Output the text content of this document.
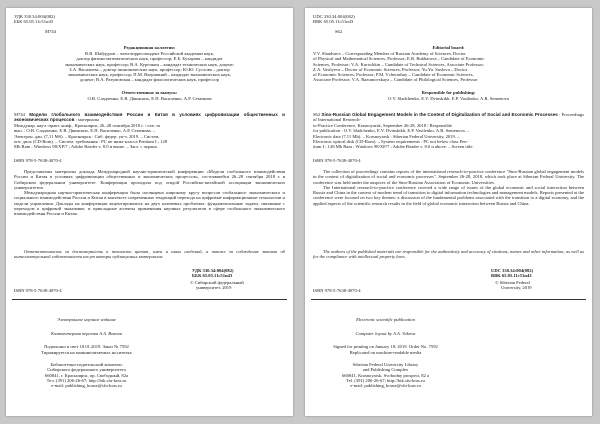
УДК 330.34:004(082)
ББК 65.05.11с51и43
М744
Редакционная коллегия:
В.В. Шайдуров – член-корреспондент Российской академии наук,
доктор физико-математических наук, профессор; Е.Б. Бухарова – кандидат
экономических наук, профессор; В.А. Курочкин – кандидат технических наук, доцент;
З.А. Васильева – доктор экономических наук, профессор; Ю.Ю. Суслова – доктор
экономических наук, профессор; П.М. Вчерашний – кандидат экономических наук,
доцент; В.А. Разумовская – кандидат филологических наук, профессор
Ответственные за выпуск:
О.В. Сладченко, Е.В. Двинских, Е.П. Василенко, А.Р. Семенова
М744 Модели глобального взаимодействия России и Китая в условиях цифровизации общественных и экономических процессов : материалы
Междунар. науч.-практ. конф., Красноярск, 26–28 сентября 2018 г. / отв. за
вып. : О.В. Сладченко, Е.В. Двинских, Е.П. Василенко, А.Р. Семенова. –
Электрон. дан. (7,11 Мб). – Красноярск : Сиб. федер. ун-т, 2019. – Систем.
опт. диск (CD-Rom). – Систем. требования : PC не ниже класса Pentium I ; 128
Mb Ram ; Windows 98/XP/7 ; Adobe Reader v. 8.0 и выше. – Загл. с экрана.
ISBN 978-5-7638-4070-4
Представлены материалы доклада Международной научно-практической конференции «Модели глобального взаимодействия России и Китая в условиях цифровизации общественных и экономических процессов», состоявшейся 26–28 сентября 2018 г. в Сибирском федеральном университете. Конференция проходила под эгидой Российско-китайской ассоциации экономических университетов.
Международная научно-практическая конференция была посвящена широкому кругу вопросов глобального экономического и социального взаимодействия России и Китая в контексте современных тенденций перехода на цифровые информационные технологии и модели управления. Доклады на конференции акцентировались на двух ключевых проблемах: фундаментальные задачи, связанные с переходом к цифровой экономике, и прикладные аспекты применения научных результатов в сфере глобального экономического взаимодействия России и Китая.
Ответственность за достоверность и точность цитат, имен и иных сведений, а также за соблюдение законов об интеллектуальной собственности несут авторы публикуемых материалов.
УДК 330.34:004(082)
ББК 65.05.11с51и43
© Сибирский федеральный
университет, 2019
ISBN 978-5-7638-4070-4
Электронное научное издание
Компьютерная верстка А.А. Вовчок
Подписано в свет 18.01.2019. Заказ № 7592
Тиражируется на машиночитаемых носителях
Библиотечно-издательский комплекс
Сибирского федерального университета
660041, г. Красноярск, пр. Свободный, 82а
Тел. (391) 206-26-67; http://bik.sfu-kras.ru
e-mail: publishing_house@sfu-kras.ru
UDC 330.34:004(082)
BBK 65.05.11c51и43
S62
Editorial board:
V.V. Shaidurov – Corresponding Member of Russian Academy of Sciences, Doctor
of Physical and Mathematical Sciences, Professor; E.B. Bukharova – Candidate of Economic
Sciences, Professor; V.A. Kurochkin – Candidate of Technical Sciences, Associate Professor;
Z.A. Vasilyeva – Doctor of Economic Sciences, Professor; Yu.Yu. Suslova – Doctor
of Economic Sciences, Professor; P.M. Vcherashny – Candidate of Economic Sciences,
Associate Professor; V.A. Razumovskaya – Candidate of Philological Sciences, Professor
Responsible for publishing:
O.V. Sladchenko, E.V. Dvinskikh, E.P. Vasilenko, A.R. Semenova
S62 Sino-Russian Global Engagement Models in the Context of Digitalization of Social and Economic Processes : Proceedings of International Research-
to-Practice Conference, Krasnoyarsk, September 26-28, 2018 / Responsible
for publication : O.V. Sladchenko, E.V. Dvinskikh, E.P. Vasilenko, A.R. Semenova. –
Electronic data (7,11 Mb). – Krasnoyarsk : Siberian Federal University, 2019. –
Electronic optical disk (CD-Rom). – System requirements : PC not below class Pen-
tium I ; 128 Mb Ram ; Windows 98/XP/7 ; Adobe Reader v. 8.0 и above. – Screen title.
ISBN 978-5-7638-4070-4
The collection of proceedings contains reports of the international research-to-practice conference "Sino-Russian global engagement models in the context of digitalization of social and economic processes", September 26-28, 2018, which took place at Siberian Federal University. The conference was held under the auspices of the Sino-Russian Association of Economic Universities.
The International research-to-practice conference covered a wide range of issues of the global economic and social interaction between Russia and China in the context of modern trend of transition to digital information technologies and management models. Reports presented at the conference were focused on two key themes: a discussion of the fundamental problems associated with the transition to a digital economy, and the applied aspects of the scientific research results in the field of global economic interaction between Russia and China.
The authors of the published materials are responsible for the authenticity and accuracy of citations, names and other information, as well as for the compliance with intellectual property laws.
UDC 330.34:004(082)
BBK 65.05.11c51и43
© Siberian Federal
University, 2019
ISBN 978-5-7638-4070-4
Electronic scientific publication
Computer layout by A.A. Vokova
Signed for printing on January 18, 2019. Order No. 7592
Replicated on machine-readable media
Siberian Federal University Library
and Publishing Complex
660041, Krasnoyarsk, Svobodny prospect, 82 a
Tel. (391) 206-26-67; http://bik.sfu-kras.ru
e-mail: publishing_house@sfu-kras.ru
